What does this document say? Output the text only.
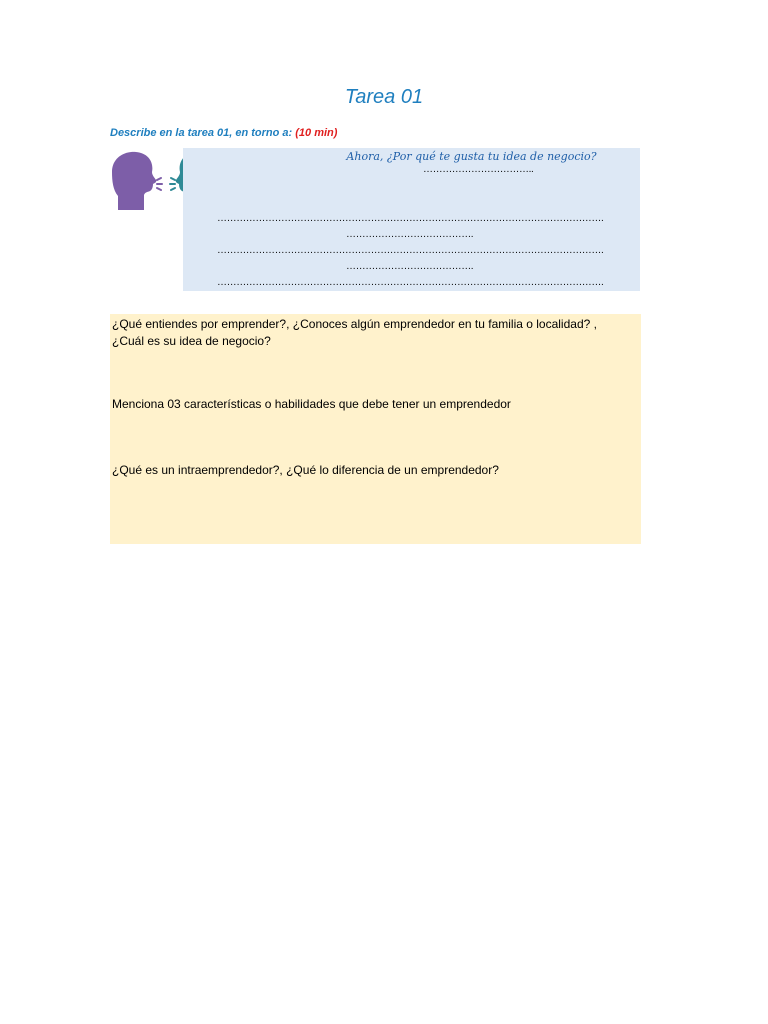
Tarea 01
Describe en la tarea 01, en torno a: (10 min)
Ahora, ¿Por qué te gusta tu idea de negocio?
……………………………..
………………………………………………………………………………………………………….
………………………………….
………………………………………………………………………………………………………….
………………………………….
………………………………………………………………………………………………………….
¿Qué entiendes por emprender?, ¿Conoces algún emprendedor en tu familia o localidad? ,
¿Cuál es su idea de negocio?
Menciona 03 características o habilidades que debe tener un emprendedor
¿Qué es un intraemprendedor?, ¿Qué lo diferencia de un emprendedor?
